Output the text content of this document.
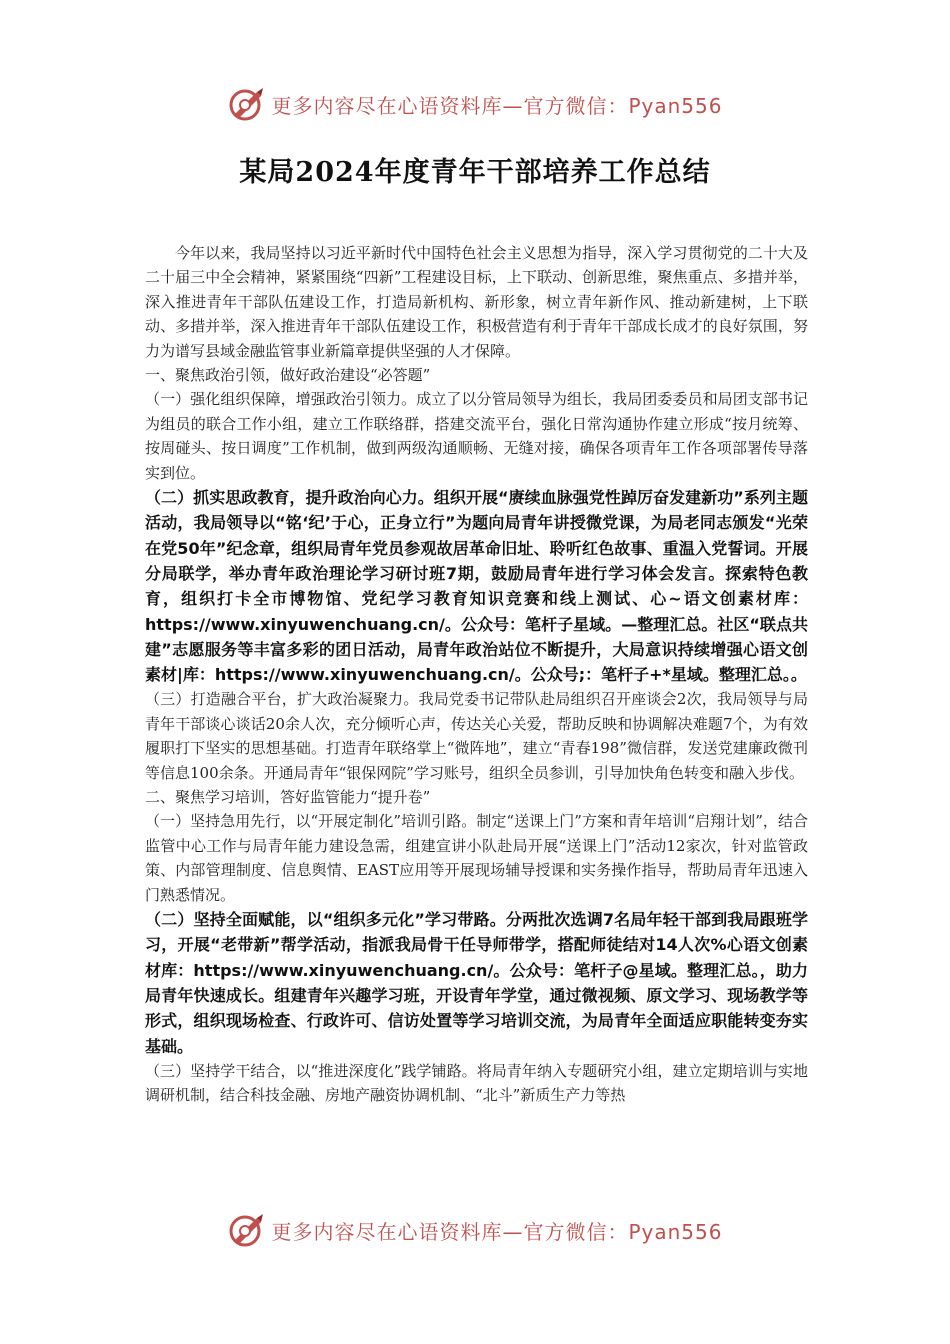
更多内容尽在心语资料库—官方微信：Pyan556
某局2024年度青年干部培养工作总结

今年以来，我局坚持以习近平新时代中国特色社会主义思想为指导，深入学习贯彻党的二十大及二十届三中全会精神，紧紧围绕“四新”工程建设目标，上下联动、创新思维，聚焦重点、多措并举，深入推进青年干部队伍建设工作，打造局新机构、新形象，树立青年新作风、推动新建树，上下联动、多措并举，深入推进青年干部队伍建设工作，积极营造有利于青年干部成长成才的良好氛围，努力为谱写县域金融监管事业新篇章提供坚强的人才保障。

一、聚焦政治引领，做好政治建设“必答题”

（一）强化组织保障，增强政治引领力。成立了以分管局领导为组长，我局团委委员和局团支部书记为组员的联合工作小组，建立工作联络群，搭建交流平台，强化日常沟通协作建立形成“按月统筹、按周碰头、按日调度”工作机制，做到两级沟通顺畅、无缝对接，确保各项青年工作各项部署传导落实到位。

（二）抓实思政教育，提升政治向心力。组织开展“赓续血脉强党性踔厉奋发建新功”系列主题活动，我局领导以“铭‘纪’于心，正身立行”为题向局青年讲授微党课，为局老同志颁发“光荣在党50年”纪念章，组织局青年党员参观故居革命旧址、聆听红色故事、重温入党誓词。开展分局联学，举办青年政治理论学习研讨班7期，鼓励局青年进行学习体会发言。探索特色教育，组织打卡全市博物馆、党纪学习教育知识竞赛和线上测试、心~语文创素材库：https://www.xinyuwenchuang.cn/。公众号：笔杆子星域。—整理汇总。社区“联点共建”志愿服务等丰富多彩的团日活动，局青年政治站位不断提升，大局意识持续增强心语文创素材|库：https://www.xinyuwenchuang.cn/。公众号;：笔杆子+*星域。整理汇总。。

（三）打造融合平台，扩大政治凝聚力。我局党委书记带队赴局组织召开座谈会2次，我局领导与局青年干部谈心谈话20余人次，充分倾听心声，传达关心关爱，帮助反映和协调解决难题7个，为有效履职打下坚实的思想基础。打造青年联络掌上“微阵地”，建立“青春198”微信群，发送党建廉政微刊等信息100余条。开通局青年“银保网院”学习账号，组织全员参训，引导加快角色转变和融入步伐。

二、聚焦学习培训，答好监管能力“提升卷”

（一）坚持急用先行，以“开展定制化”培训引路。制定“送课上门”方案和青年培训“启翔计划”，结合监管中心工作与局青年能力建设急需，组建宣讲小队赴局开展“送课上门”活动12家次，针对监管政策、内部管理制度、信息舆情、EAST应用等开展现场辅导授课和实务操作指导，帮助局青年迅速入门熟悉情况。

（二）坚持全面赋能，以“组织多元化”学习带路。分两批次选调7名局年轻干部到我局跟班学习，开展“老带新”帮学活动，指派我局骨干任导师带学，搭配师徒结对14人次%心语文创素材库：https://www.xinyuwenchuang.cn/。公众号：笔杆子@星域。整理汇总。，助力局青年快速成长。组建青年兴趣学习班，开设青年学堂，通过微视频、原文学习、现场教学等形式，组织现场检查、行政许可、信访处置等学习培训交流，为局青年全面适应职能转变夯实基础。

（三）坚持学干结合，以“推进深度化”践学铺路。将局青年纳入专题研究小组，建立定期培训与实地调研机制，结合科技金融、房地产融资协调机制、“北斗”新质生产力等热

更多内容尽在心语资料库—官方微信：Pyan556
